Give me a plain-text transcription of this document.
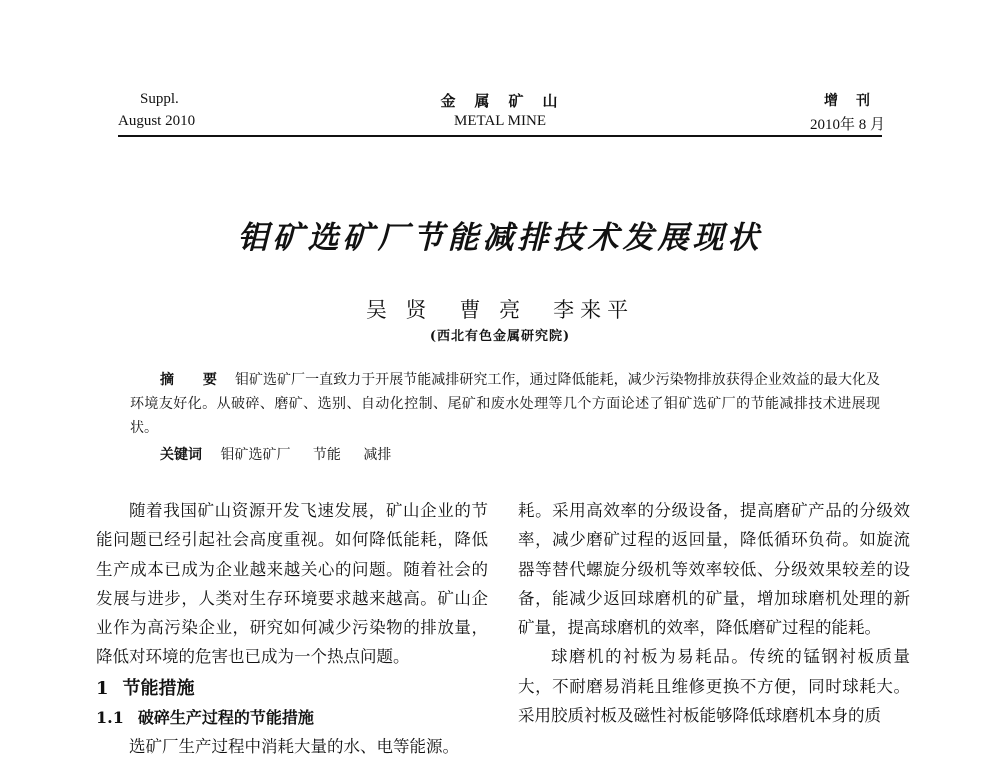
Suppl.
August 2010
金　属　矿　山
METAL MINE
增　刊
2010年 8 月
钼矿选矿厂节能减排技术发展现状
吴 贤　曹 亮　李来平
(西北有色金属研究院)
摘 要 钼矿选矿厂一直致力于开展节能减排研究工作，通过降低能耗，减少污染物排放获得企业效益的最大化及环境友好化。从破碎、磨矿、选别、自动化控制、尾矿和废水处理等几个方面论述了钼矿选矿厂的节能减排技术进展现状。
关键词 钼矿选矿厂 节能 减排

随着我国矿山资源开发飞速发展，矿山企业的节能问题已经引起社会高度重视。如何降低能耗，降低生产成本已成为企业越来越关心的问题。随着社会的发展与进步，人类对生存环境要求越来越高。矿山企业作为高污染企业，研究如何减少污染物的排放量，降低对环境的危害也已成为一个热点问题。

1 节能措施
1.1 破碎生产过程的节能措施

选矿厂生产过程中消耗大量的水、电等能源。

耗。采用高效率的分级设备，提高磨矿产品的分级效率，减少磨矿过程的返回量，降低循环负荷。如旋流器等替代螺旋分级机等效率较低、分级效果较差的设备，能减少返回球磨机的矿量，增加球磨机处理的新矿量，提高球磨机的效率，降低磨矿过程的能耗。

球磨机的衬板为易耗品。传统的锰钢衬板质量大，不耐磨易消耗且维修更换不方便，同时球耗大。采用胶质衬板及磁性衬板能够降低球磨机本身的质
